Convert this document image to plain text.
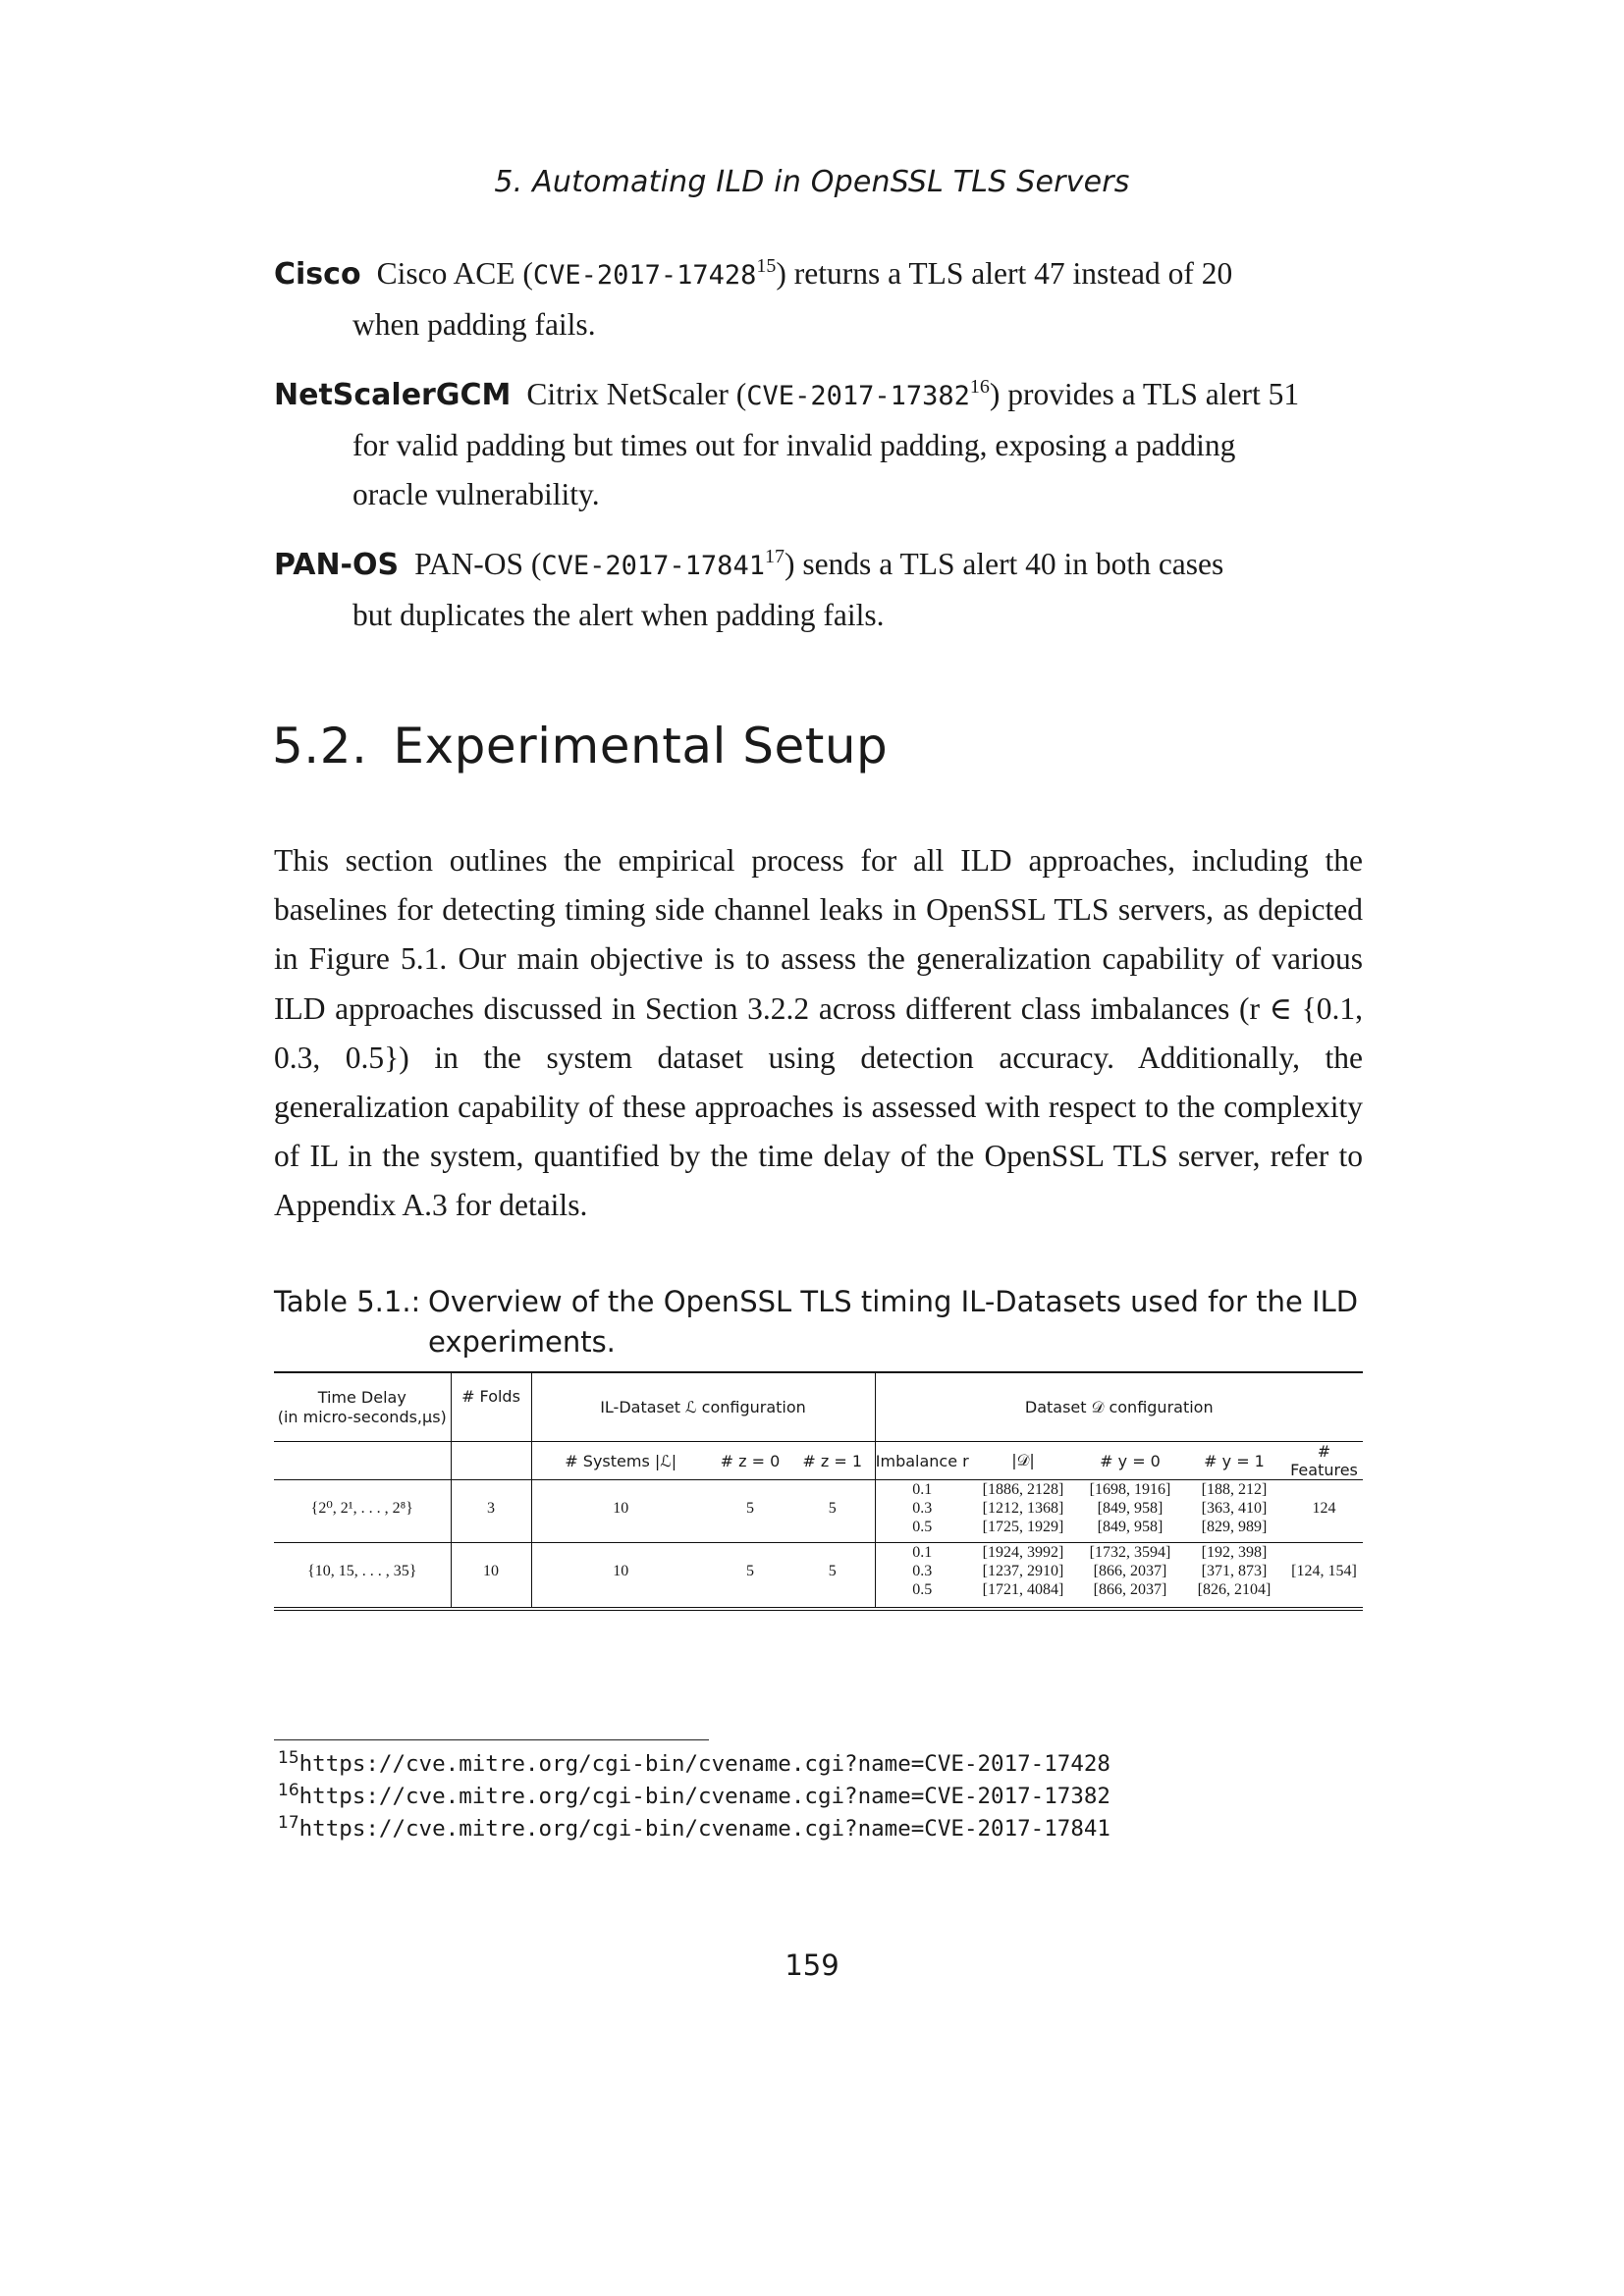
5. Automating ILD in OpenSSL TLS Servers
Cisco Cisco ACE (CVE-2017-17428$^{15}$) returns a TLS alert 47 instead of 20
when padding fails.
NetScalerGCM Citrix NetScaler (CVE-2017-17382$^{16}$) provides a TLS alert 51
for valid padding but times out for invalid padding, exposing a padding
oracle vulnerability.
PAN-OS PAN-OS (CVE-2017-17841$^{17}$) sends a TLS alert 40 in both cases
but duplicates the alert when padding fails.
5.2. Experimental Setup
This section outlines the empirical process for all ILD approaches, including the baselines for detecting timing side channel leaks in OpenSSL TLS servers, as depicted in Figure 5.1. Our main objective is to assess the generalization capability of various ILD approaches discussed in Section 3.2.2 across different class imbalances (r ∈ {0.1, 0.3, 0.5}) in the system dataset using detection accuracy. Additionally, the generalization capability of these approaches is assessed with respect to the complexity of IL in the system, quantified by the time delay of the OpenSSL TLS server, refer to Appendix A.3 for details.
Table 5.1.: Overview of the OpenSSL TLS timing IL-Datasets used for the ILD experiments.
Time Delay
(in micro-seconds,μs)	# Folds	IL-Dataset ℒ configuration			Dataset 𝒟 configuration				
		# Systems |ℒ|	# z = 0	# z = 1	Imbalance r	|𝒟|	# y = 0	# y = 1	# Features
{2⁰, 2¹, . . . , 2⁸}	3	10	5	5	0.1	[1886, 2128]	[1698, 1916]	[188, 212]	124
					0.3	[1212, 1368]	[849, 958]	[363, 410]	
					0.5	[1725, 1929]	[849, 958]	[829, 989]	

{10, 15, . . . , 35}	10	10	5	5	0.1	[1924, 3992]	[1732, 3594]	[192, 398]	[124, 154]
					0.3	[1237, 2910]	[866, 2037]	[371, 873]	
					0.5	[1721, 4084]	[866, 2037]	[826, 2104]	

$^{15}$https://cve.mitre.org/cgi-bin/cvename.cgi?name=CVE-2017-17428
$^{16}$https://cve.mitre.org/cgi-bin/cvename.cgi?name=CVE-2017-17382
$^{17}$https://cve.mitre.org/cgi-bin/cvename.cgi?name=CVE-2017-17841
159
